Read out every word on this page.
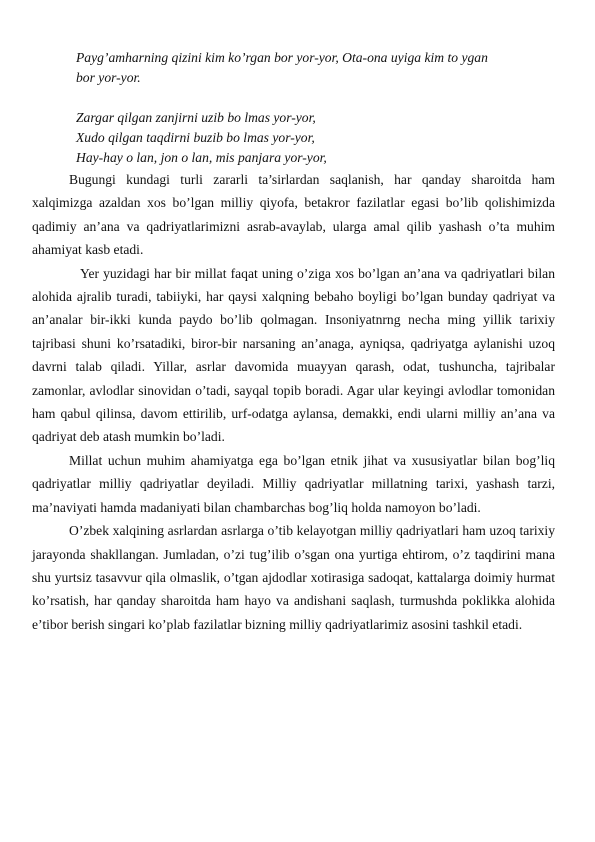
Payg’amharning qizini kim ko’rgan bor yor-yor, Ota-ona uyiga kim to ygan
bor yor-yor.

Zargar qilgan zanjirni uzib bo lmas yor-yor,
Xudo qilgan taqdirni buzib bo lmas yor-yor,
Hay-hay o lan, jon o lan, mis panjara yor-yor,

Bugungi kundagi turli zararli ta’sirlardan saqlanish, har qanday sharoitda ham xalqimizga azaldan xos bo’lgan milliy qiyofa, betakror fazilatlar egasi bo’lib qolishimizda qadimiy an’ana va qadriyatlarimizni asrab-avaylab, ularga amal qilib yashash o’ta muhim ahamiyat kasb etadi.

Yer yuzidagi har bir millat faqat uning o’ziga xos bo’lgan an’ana va qadriyatlari bilan alohida ajralib turadi, tabiiyki, har qaysi xalqning bebaho boyligi bo’lgan bunday qadriyat va an’analar bir-ikki kunda paydo bo’lib qolmagan. Insoniyatnrng necha ming yillik tarixiy tajribasi shuni ko’rsatadiki, biror-bir narsaning an’anaga, ayniqsa, qadriyatga aylanishi uzoq davrni talab qiladi. Yillar, asrlar davomida muayyan qarash, odat, tushuncha, tajribalar zamonlar, avlodlar sinovidan o’tadi, sayqal topib boradi. Agar ular keyingi avlodlar tomonidan ham qabul qilinsa, davom ettirilib, urf-odatga aylansa, demakki, endi ularni milliy an’ana va qadriyat deb atash mumkin bo’ladi.

Millat uchun muhim ahamiyatga ega bo’lgan etnik jihat va xususiyatlar bilan bog’liq qadriyatlar milliy qadriyatlar deyiladi. Milliy qadriyatlar millatning tarixi, yashash tarzi, ma’naviyati hamda madaniyati bilan chambarchas bog’liq holda namoyon bo’ladi.

O’zbek xalqining asrlardan asrlarga o’tib kelayotgan milliy qadriyatlari ham uzoq tarixiy jarayonda shakllangan. Jumladan, o’zi tug’ilib o’sgan ona yurtiga ehtirom, o’z taqdirini mana shu yurtsiz tasavvur qila olmaslik, o’tgan ajdodlar xotirasiga sadoqat, kattalarga doimiy hurmat ko’rsatish, har qanday sharoitda ham hayo va andishani saqlash, turmushda poklikka alohida e’tibor berish singari ko’plab fazilatlar bizning milliy qadriyatlarimiz asosini tashkil etadi.
